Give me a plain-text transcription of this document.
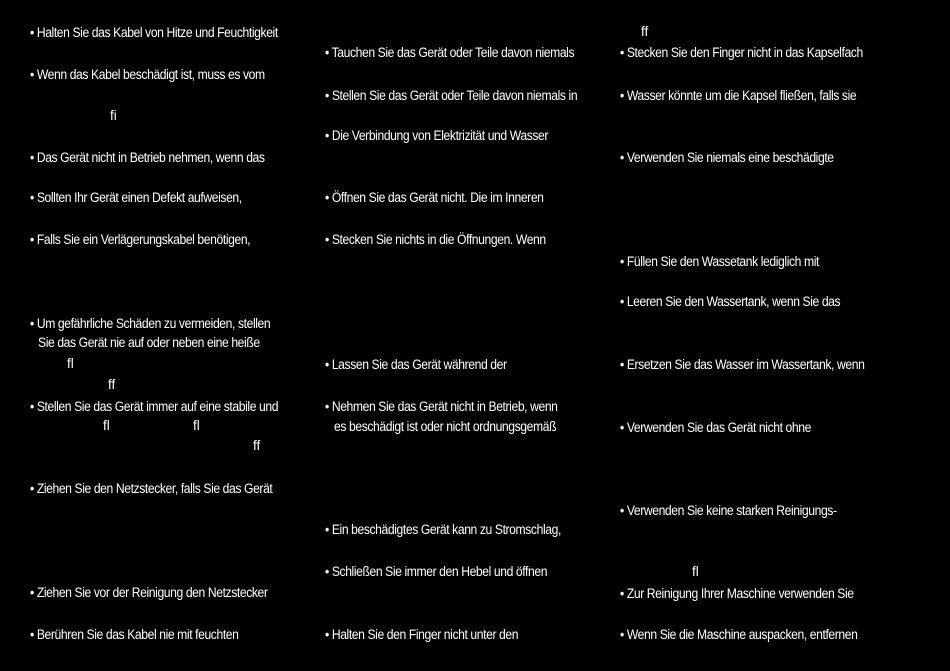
• Halten Sie das Kabel von Hitze und Feuchtigkeit
• Wenn das Kabel beschädigt ist, muss es vom
fi
• Das Gerät nicht in Betrieb nehmen, wenn das
• Sollten Ihr Gerät einen Defekt aufweisen,
• Falls Sie ein Verlägerungskabel benötigen,
• Um gefährliche Schäden zu vermeiden, stellen
Sie das Gerät nie auf oder neben eine heiße
fl
ff
• Stellen Sie das Gerät immer auf eine stabile und
fl	fl
ff
• Ziehen Sie den Netzstecker, falls Sie das Gerät
• Ziehen Sie vor der Reinigung den Netzstecker
• Berühren Sie das Kabel nie mit feuchten
• Tauchen Sie das Gerät oder Teile davon niemals
• Stellen Sie das Gerät oder Teile davon niemals in
• Die Verbindung von Elektrizität und Wasser
• Öffnen Sie das Gerät nicht. Die im Inneren
• Stecken Sie nichts in die Öffnungen. Wenn
• Lassen Sie das Gerät während der
• Nehmen Sie das Gerät nicht in Betrieb, wenn
es beschädigt ist oder nicht ordnungsgemäß
• Ein beschädigtes Gerät kann zu Stromschlag,
• Schließen Sie immer den Hebel und öffnen
• Halten Sie den Finger nicht unter den
ff
• Stecken Sie den Finger nicht in das Kapselfach
• Wasser könnte um die Kapsel fließen, falls sie
• Verwenden Sie niemals eine beschädigte
• Füllen Sie den Wassetank lediglich mit
• Leeren Sie den Wassertank, wenn Sie das
• Ersetzen Sie das Wasser im Wassertank, wenn
• Verwenden Sie das Gerät nicht ohne
• Verwenden Sie keine starken Reinigungs-
fl
• Zur Reinigung Ihrer Maschine verwenden Sie
• Wenn Sie die Maschine auspacken, entfernen
